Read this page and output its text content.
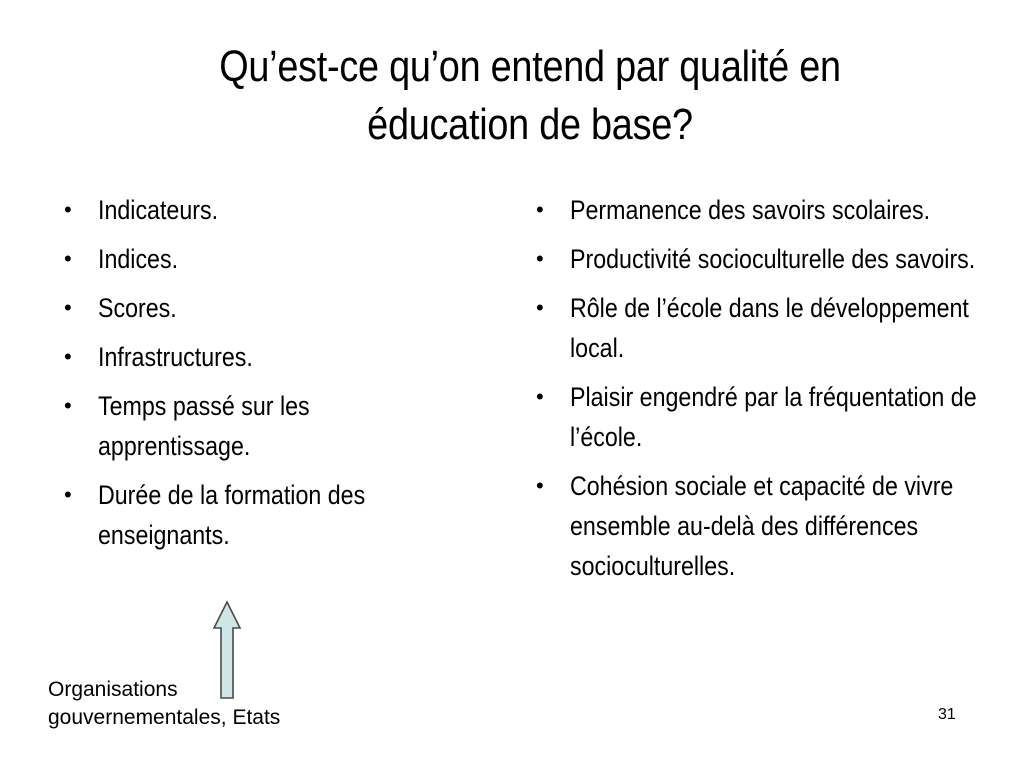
Qu’est-ce qu’on entend par qualité en
éducation de base?
• Indicateurs.
• Indices.
• Scores.
• Infrastructures.
• Temps passé sur les apprentissage.
• Durée de la formation des enseignants.
• Permanence des savoirs scolaires.
• Productivité socioculturelle des savoirs.
• Rôle de l’école dans le développement local.
• Plaisir engendré par la fréquentation de l’école.
• Cohésion sociale et capacité de vivre ensemble au-delà des différences socioculturelles.
Organisations
gouvernementales, Etats	31
